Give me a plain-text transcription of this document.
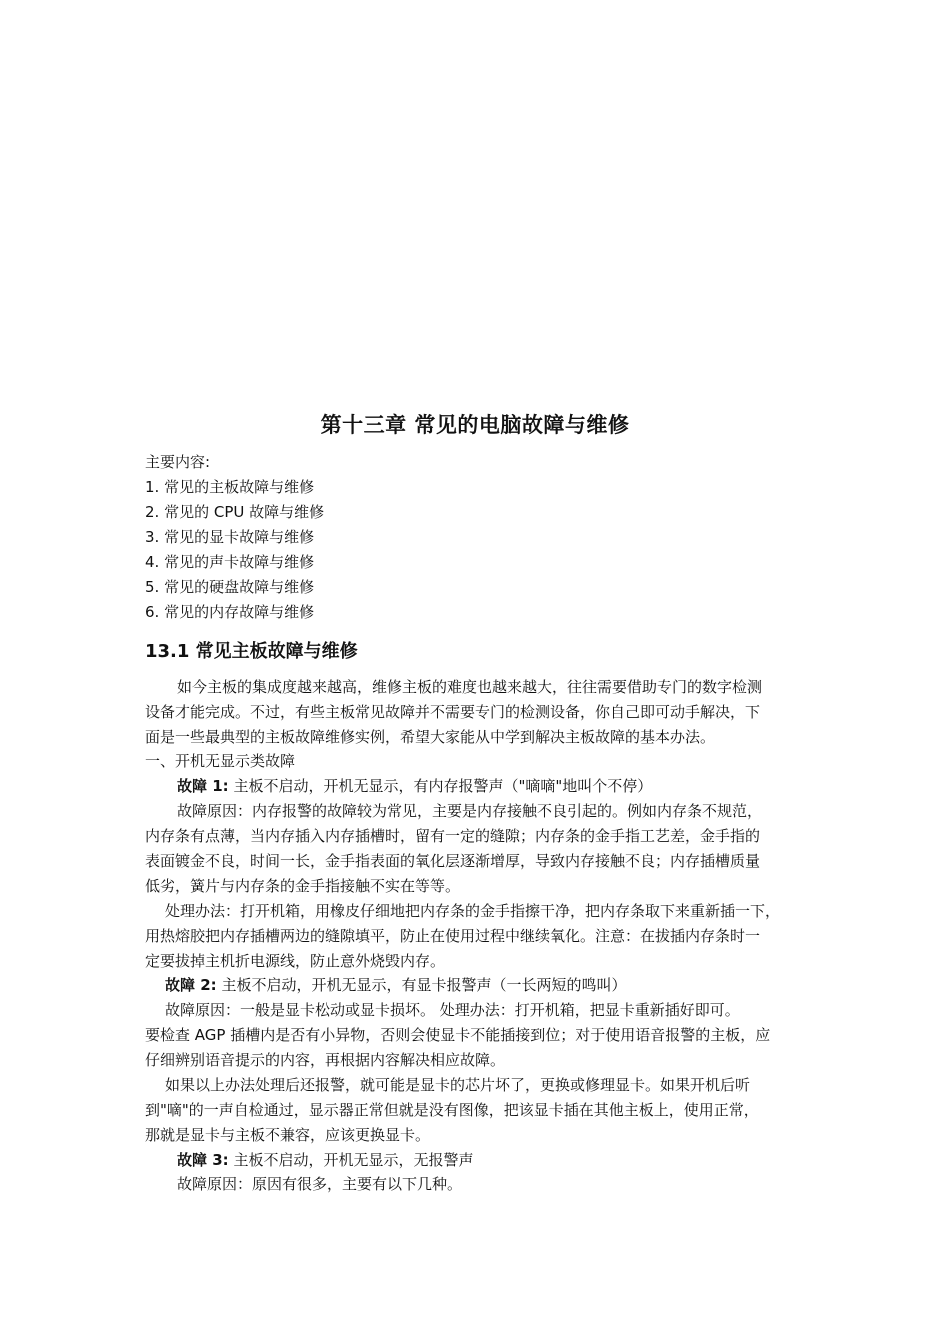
第十三章 常见的电脑故障与维修
主要内容:
1. 常见的主板故障与维修
2. 常见的 CPU 故障与维修
3. 常见的显卡故障与维修
4. 常见的声卡故障与维修
5. 常见的硬盘故障与维修
6. 常见的内存故障与维修
13.1 常见主板故障与维修
如今主板的集成度越来越高，维修主板的难度也越来越大，往往需要借助专门的数字检测
设备才能完成。不过，有些主板常见故障并不需要专门的检测设备，你自己即可动手解决，下
面是一些最典型的主板故障维修实例，希望大家能从中学到解决主板故障的基本办法。
一、开机无显示类故障
故障 1: 主板不启动，开机无显示，有内存报警声（"嘀嘀"地叫个不停）
故障原因：内存报警的故障较为常见，主要是内存接触不良引起的。例如内存条不规范，
内存条有点薄，当内存插入内存插槽时，留有一定的缝隙；内存条的金手指工艺差，金手指的
表面镀金不良，时间一长，金手指表面的氧化层逐渐增厚，导致内存接触不良；内存插槽质量
低劣，簧片与内存条的金手指接触不实在等等。
处理办法：打开机箱，用橡皮仔细地把内存条的金手指擦干净，把内存条取下来重新插一下，
用热熔胶把内存插槽两边的缝隙填平，防止在使用过程中继续氧化。注意：在拔插内存条时一
定要拔掉主机折电源线，防止意外烧毁内存。
故障 2: 主板不启动，开机无显示，有显卡报警声（一长两短的鸣叫）
故障原因：一般是显卡松动或显卡损坏。 处理办法：打开机箱，把显卡重新插好即可。
要检查 AGP 插槽内是否有小异物，否则会使显卡不能插接到位；对于使用语音报警的主板，应
仔细辨别语音提示的内容，再根据内容解决相应故障。
如果以上办法处理后还报警，就可能是显卡的芯片坏了，更换或修理显卡。如果开机后听
到"嘀"的一声自检通过，显示器正常但就是没有图像，把该显卡插在其他主板上，使用正常，
那就是显卡与主板不兼容，应该更换显卡。
故障 3: 主板不启动，开机无显示，无报警声
故障原因：原因有很多，主要有以下几种。
